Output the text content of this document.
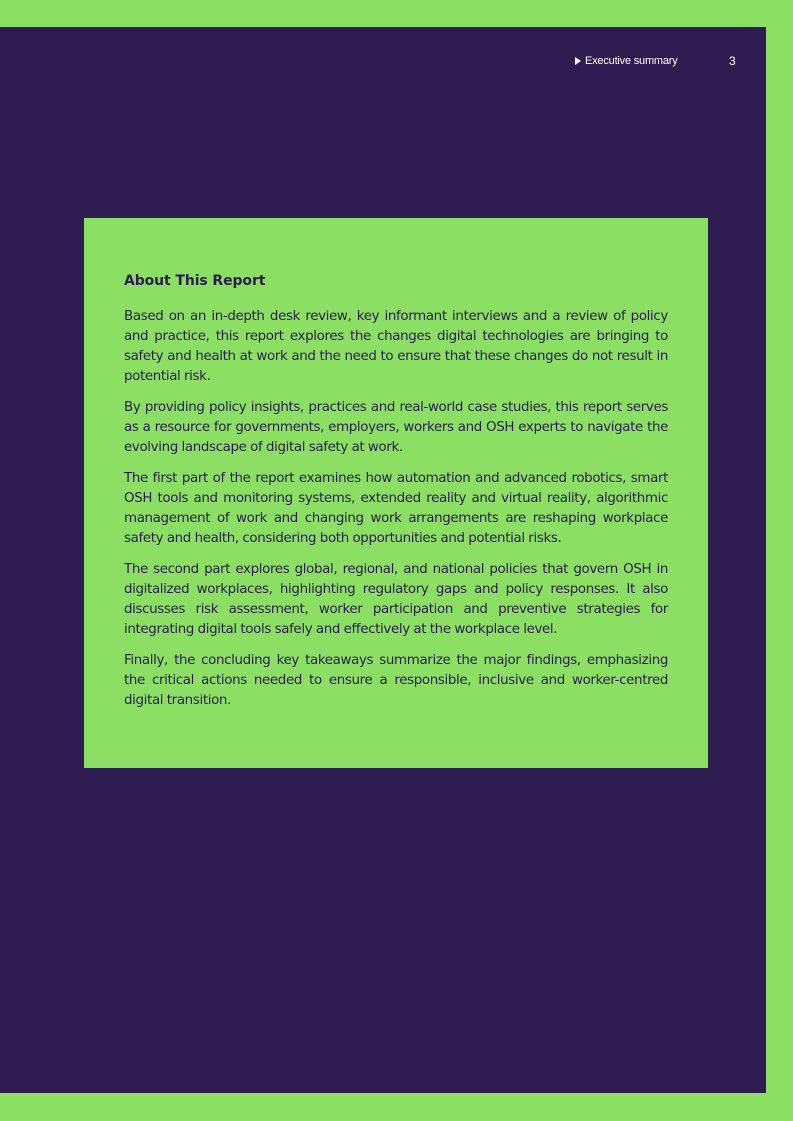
Executive summary	3
About This Report

Based on an in-depth desk review, key informant interviews and a review of policy and practice, this report explores the changes digital technologies are bringing to safety and health at work and the need to ensure that these changes do not result in potential risk.

By providing policy insights, practices and real-world case studies, this report serves as a resource for governments, employers, workers and OSH experts to navigate the evolving landscape of digital safety at work.

The first part of the report examines how automation and advanced robotics, smart OSH tools and monitoring systems, extended reality and virtual reality, algorithmic management of work and changing work arrangements are reshaping workplace safety and health, considering both opportunities and potential risks.

The second part explores global, regional, and national policies that govern OSH in digitalized workplaces, highlighting regulatory gaps and policy responses. It also discusses risk assessment, worker participation and preventive strategies for integrating digital tools safely and effectively at the workplace level.

Finally, the concluding key takeaways summarize the major findings, emphasizing the critical actions needed to ensure a responsible, inclusive and worker-centred digital transition.
